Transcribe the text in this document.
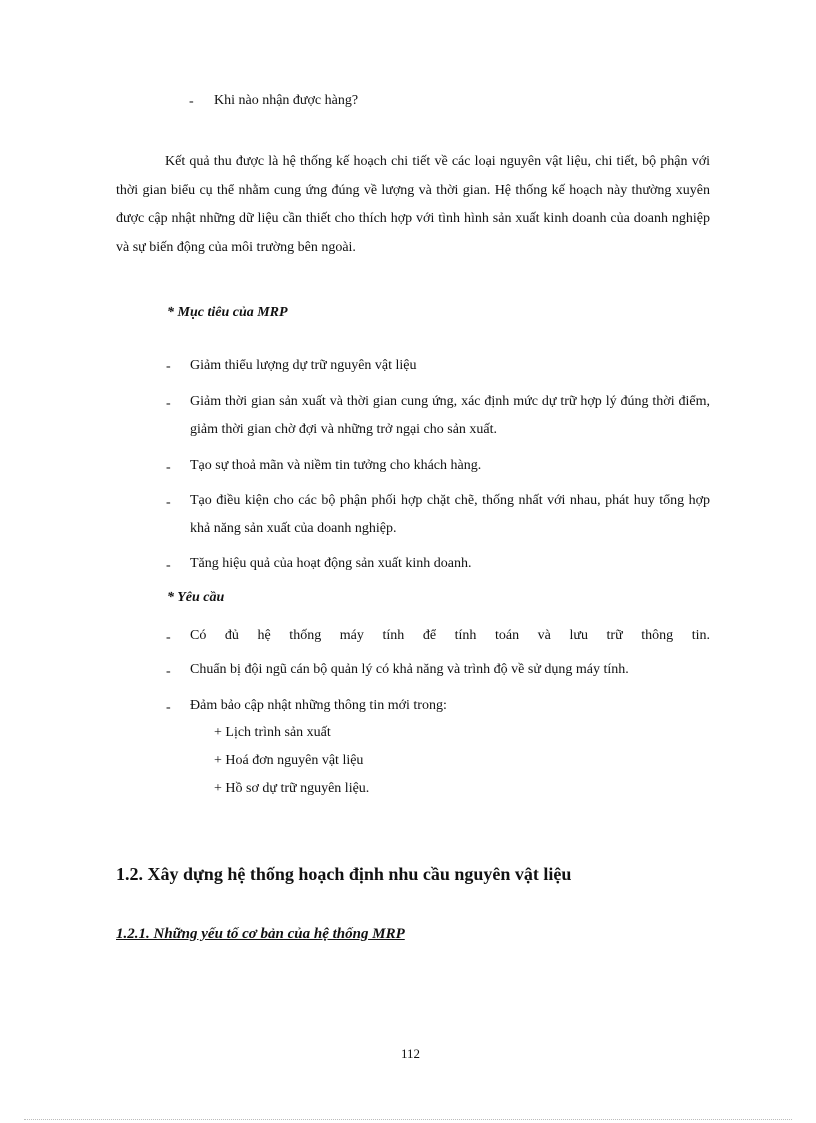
- Khi nào nhận được hàng?
Kết quả thu được là hệ thống kế hoạch chi tiết về các loại nguyên vật liệu, chi tiết, bộ phận với thời gian biểu cụ thể nhằm cung ứng đúng về lượng và thời gian. Hệ thống kế hoạch này thường xuyên được cập nhật những dữ liệu cần thiết cho thích hợp với tình hình sản xuất kinh doanh của doanh nghiệp và sự biến động của môi trường bên ngoài.
* Mục tiêu của MRP
- Giảm thiểu lượng dự trữ nguyên vật liệu
- Giảm thời gian sản xuất và thời gian cung ứng, xác định mức dự trữ hợp lý đúng thời điểm, giảm thời gian chờ đợi và những trở ngại cho sản xuất.
- Tạo sự thoả mãn và niềm tin tưởng cho khách hàng.
- Tạo điều kiện cho các bộ phận phối hợp chặt chẽ, thống nhất với nhau, phát huy tổng hợp khả năng sản xuất của doanh nghiệp.
- Tăng hiệu quả của hoạt động sản xuất kinh doanh.
* Yêu cầu
- Có đủ hệ thống máy tính để tính toán và lưu trữ thông tin.
- Chuẩn bị đội ngũ cán bộ quản lý có khả năng và trình độ về sử dụng máy tính.
- Đảm bảo cập nhật những thông tin mới trong:
+ Lịch trình sản xuất
+ Hoá đơn nguyên vật liệu
+ Hồ sơ dự trữ nguyên liệu.
1.2. Xây dựng hệ thống hoạch định nhu cầu nguyên vật liệu
1.2.1. Những yếu tố cơ bản của hệ thống MRP
112
